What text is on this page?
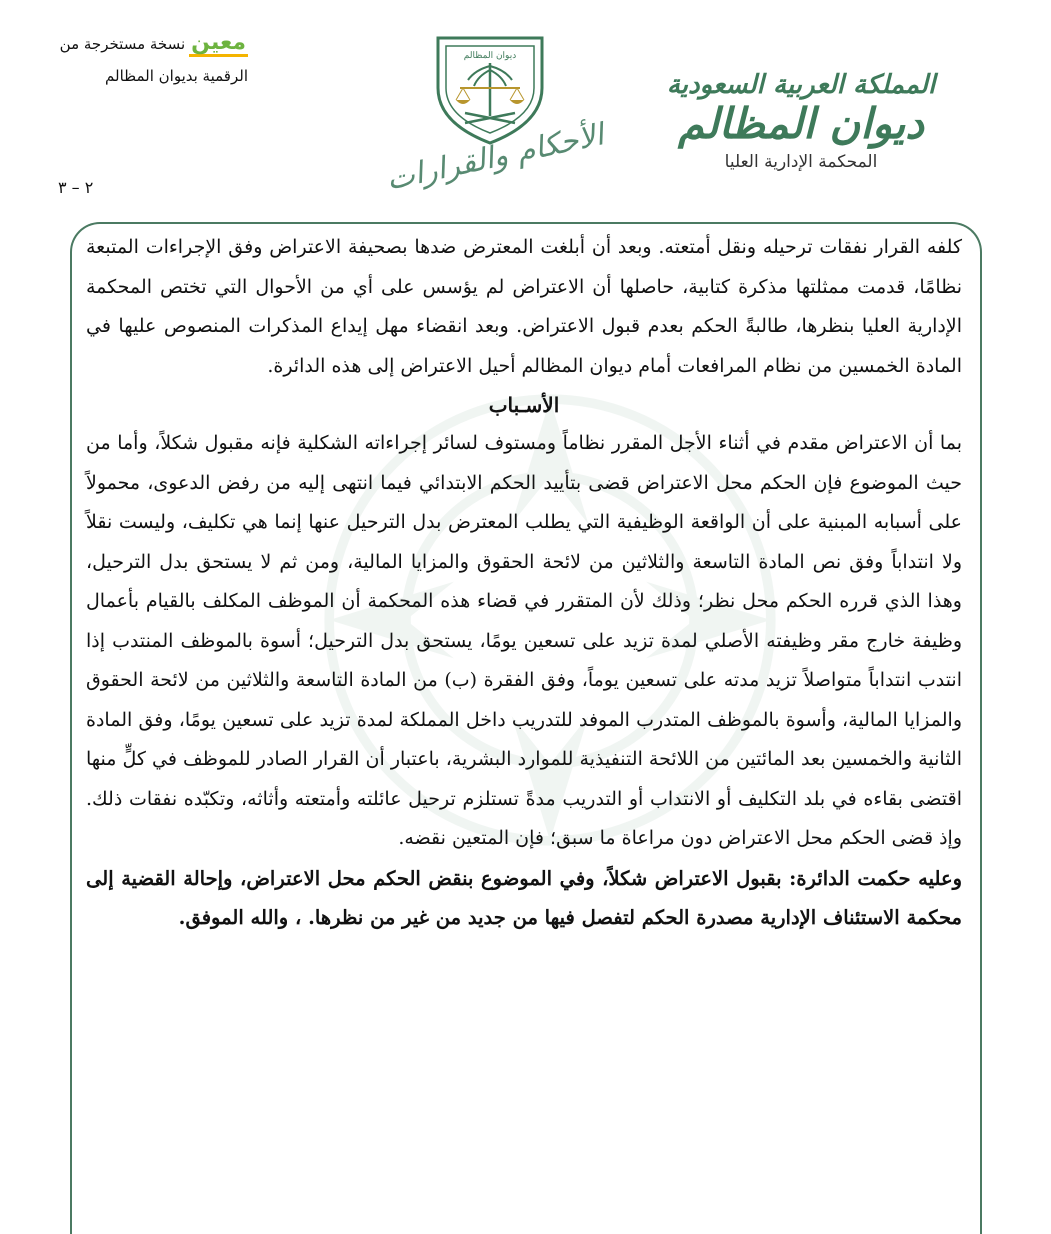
نسخة مستخرجة من معين
الرقمية بديوان المظالم
٢ – ٣
ديوان المظالم
الأحكام والقرارات
المملكة العربية السعودية
ديوان المظالم
المحكمة الإدارية العليا

كلفه القرار نفقات ترحيله ونقل أمتعته. وبعد أن أبلغت المعترض ضدها بصحيفة الاعتراض وفق الإجراءات المتبعة نظامًا، قدمت ممثلتها مذكرة كتابية، حاصلها أن الاعتراض لم يؤسس على أي من الأحوال التي تختص المحكمة الإدارية العليا بنظرها، طالبةً الحكم بعدم قبول الاعتراض. وبعد انقضاء مهل إيداع المذكرات المنصوص عليها في المادة الخمسين من نظام المرافعات أمام ديوان المظالم أحيل الاعتراض إلى هذه الدائرة.

الأسـباب

بما أن الاعتراض مقدم في أثناء الأجل المقرر نظاماً ومستوف لسائر إجراءاته الشكلية فإنه مقبول شكلاً، وأما من حيث الموضوع فإن الحكم محل الاعتراض قضى بتأييد الحكم الابتدائي فيما انتهى إليه من رفض الدعوى، محمولاً على أسبابه المبنية على أن الواقعة الوظيفية التي يطلب المعترض بدل الترحيل عنها إنما هي تكليف، وليست نقلاً ولا انتداباً وفق نص المادة التاسعة والثلاثين من لائحة الحقوق والمزايا المالية، ومن ثم لا يستحق بدل الترحيل، وهذا الذي قرره الحكم محل نظر؛ وذلك لأن المتقرر في قضاء هذه المحكمة أن الموظف المكلف بالقيام بأعمال وظيفة خارج مقر وظيفته الأصلي لمدة تزيد على تسعين يومًا، يستحق بدل الترحيل؛ أسوة بالموظف المنتدب إذا انتدب انتداباً متواصلاً تزيد مدته على تسعين يوماً، وفق الفقرة (ب) من المادة التاسعة والثلاثين من لائحة الحقوق والمزايا المالية، وأسوة بالموظف المتدرب الموفد للتدريب داخل المملكة لمدة تزيد على تسعين يومًا، وفق المادة الثانية والخمسين بعد المائتين من اللائحة التنفيذية للموارد البشرية، باعتبار أن القرار الصادر للموظف في كلٍّ منها اقتضى بقاءه في بلد التكليف أو الانتداب أو التدريب مدةً تستلزم ترحيل عائلته وأمتعته وأثاثه، وتكبّده نفقات ذلك. وإذ قضى الحكم محل الاعتراض دون مراعاة ما سبق؛ فإن المتعين نقضه.

وعليه حكمت الدائرة: بقبول الاعتراض شكلاً، وفي الموضوع بنقض الحكم محل الاعتراض، وإحالة القضية إلى محكمة الاستئناف الإدارية مصدرة الحكم لتفصل فيها من جديد من غير من نظرها. ، والله الموفق.
